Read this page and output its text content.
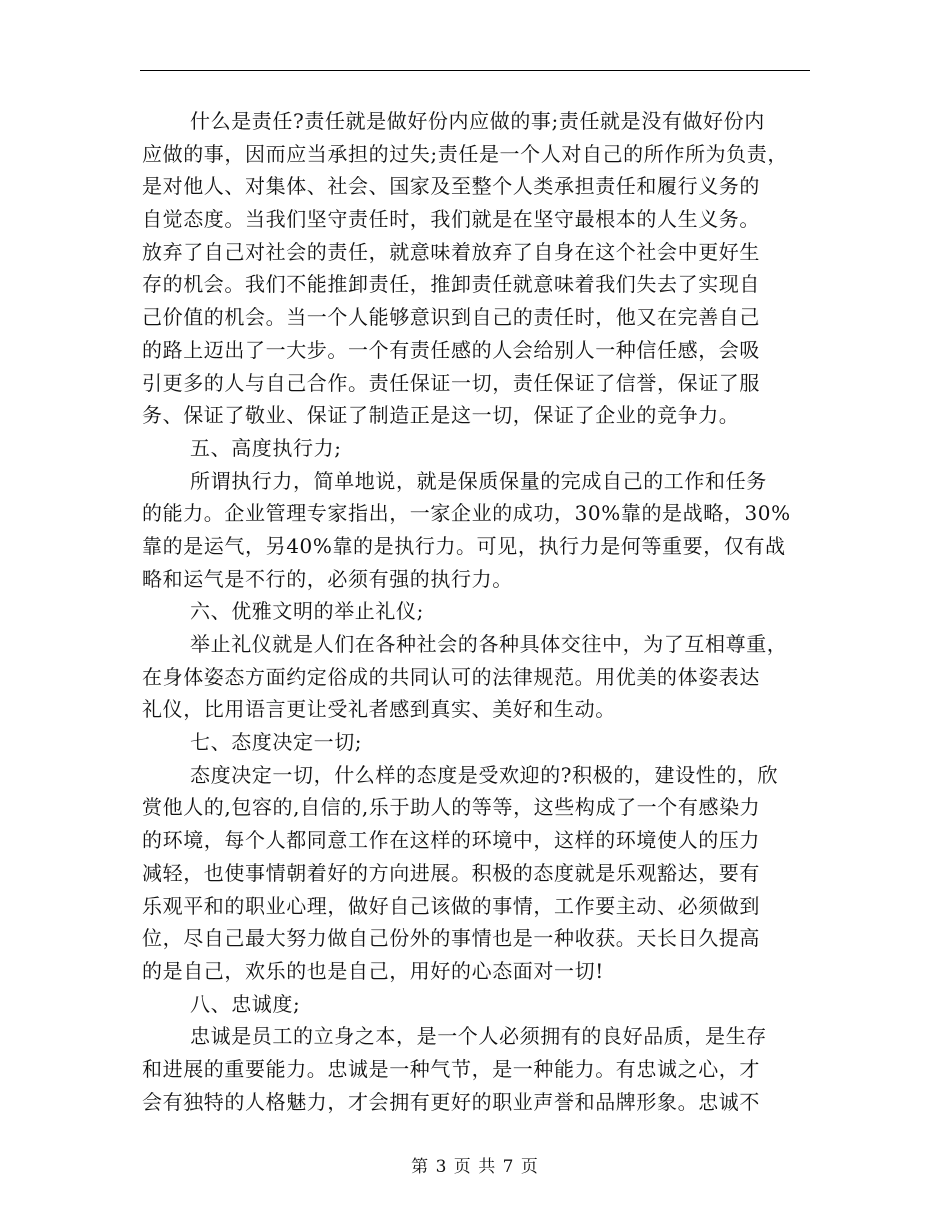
什么是责任?责任就是做好份内应做的事;责任就是没有做好份内
应做的事，因而应当承担的过失;责任是一个人对自己的所作所为负责，
是对他人、对集体、社会、国家及至整个人类承担责任和履行义务的
自觉态度。当我们坚守责任时，我们就是在坚守最根本的人生义务。
放弃了自己对社会的责任，就意味着放弃了自身在这个社会中更好生
存的机会。我们不能推卸责任，推卸责任就意味着我们失去了实现自
己价值的机会。当一个人能够意识到自己的责任时，他又在完善自己
的路上迈出了一大步。一个有责任感的人会给别人一种信任感，会吸
引更多的人与自己合作。责任保证一切，责任保证了信誉，保证了服
务、保证了敬业、保证了制造正是这一切，保证了企业的竞争力。
五、高度执行力;
所谓执行力，简单地说，就是保质保量的完成自己的工作和任务
的能力。企业管理专家指出，一家企业的成功，30%靠的是战略，30%
靠的是运气，另40%靠的是执行力。可见，执行力是何等重要，仅有战
略和运气是不行的，必须有强的执行力。
六、优雅文明的举止礼仪;
举止礼仪就是人们在各种社会的各种具体交往中，为了互相尊重，
在身体姿态方面约定俗成的共同认可的法律规范。用优美的体姿表达
礼仪，比用语言更让受礼者感到真实、美好和生动。
七、态度决定一切;
态度决定一切，什么样的态度是受欢迎的?积极的，建设性的，欣
赏他人的,包容的,自信的,乐于助人的等等，这些构成了一个有感染力
的环境，每个人都同意工作在这样的环境中，这样的环境使人的压力
减轻，也使事情朝着好的方向进展。积极的态度就是乐观豁达，要有
乐观平和的职业心理，做好自己该做的事情，工作要主动、必须做到
位，尽自己最大努力做自己份外的事情也是一种收获。天长日久提高
的是自己，欢乐的也是自己，用好的心态面对一切!
八、忠诚度;
忠诚是员工的立身之本，是一个人必须拥有的良好品质，是生存
和进展的重要能力。忠诚是一种气节，是一种能力。有忠诚之心，才
会有独特的人格魅力，才会拥有更好的职业声誉和品牌形象。忠诚不
第 3 页 共 7 页
